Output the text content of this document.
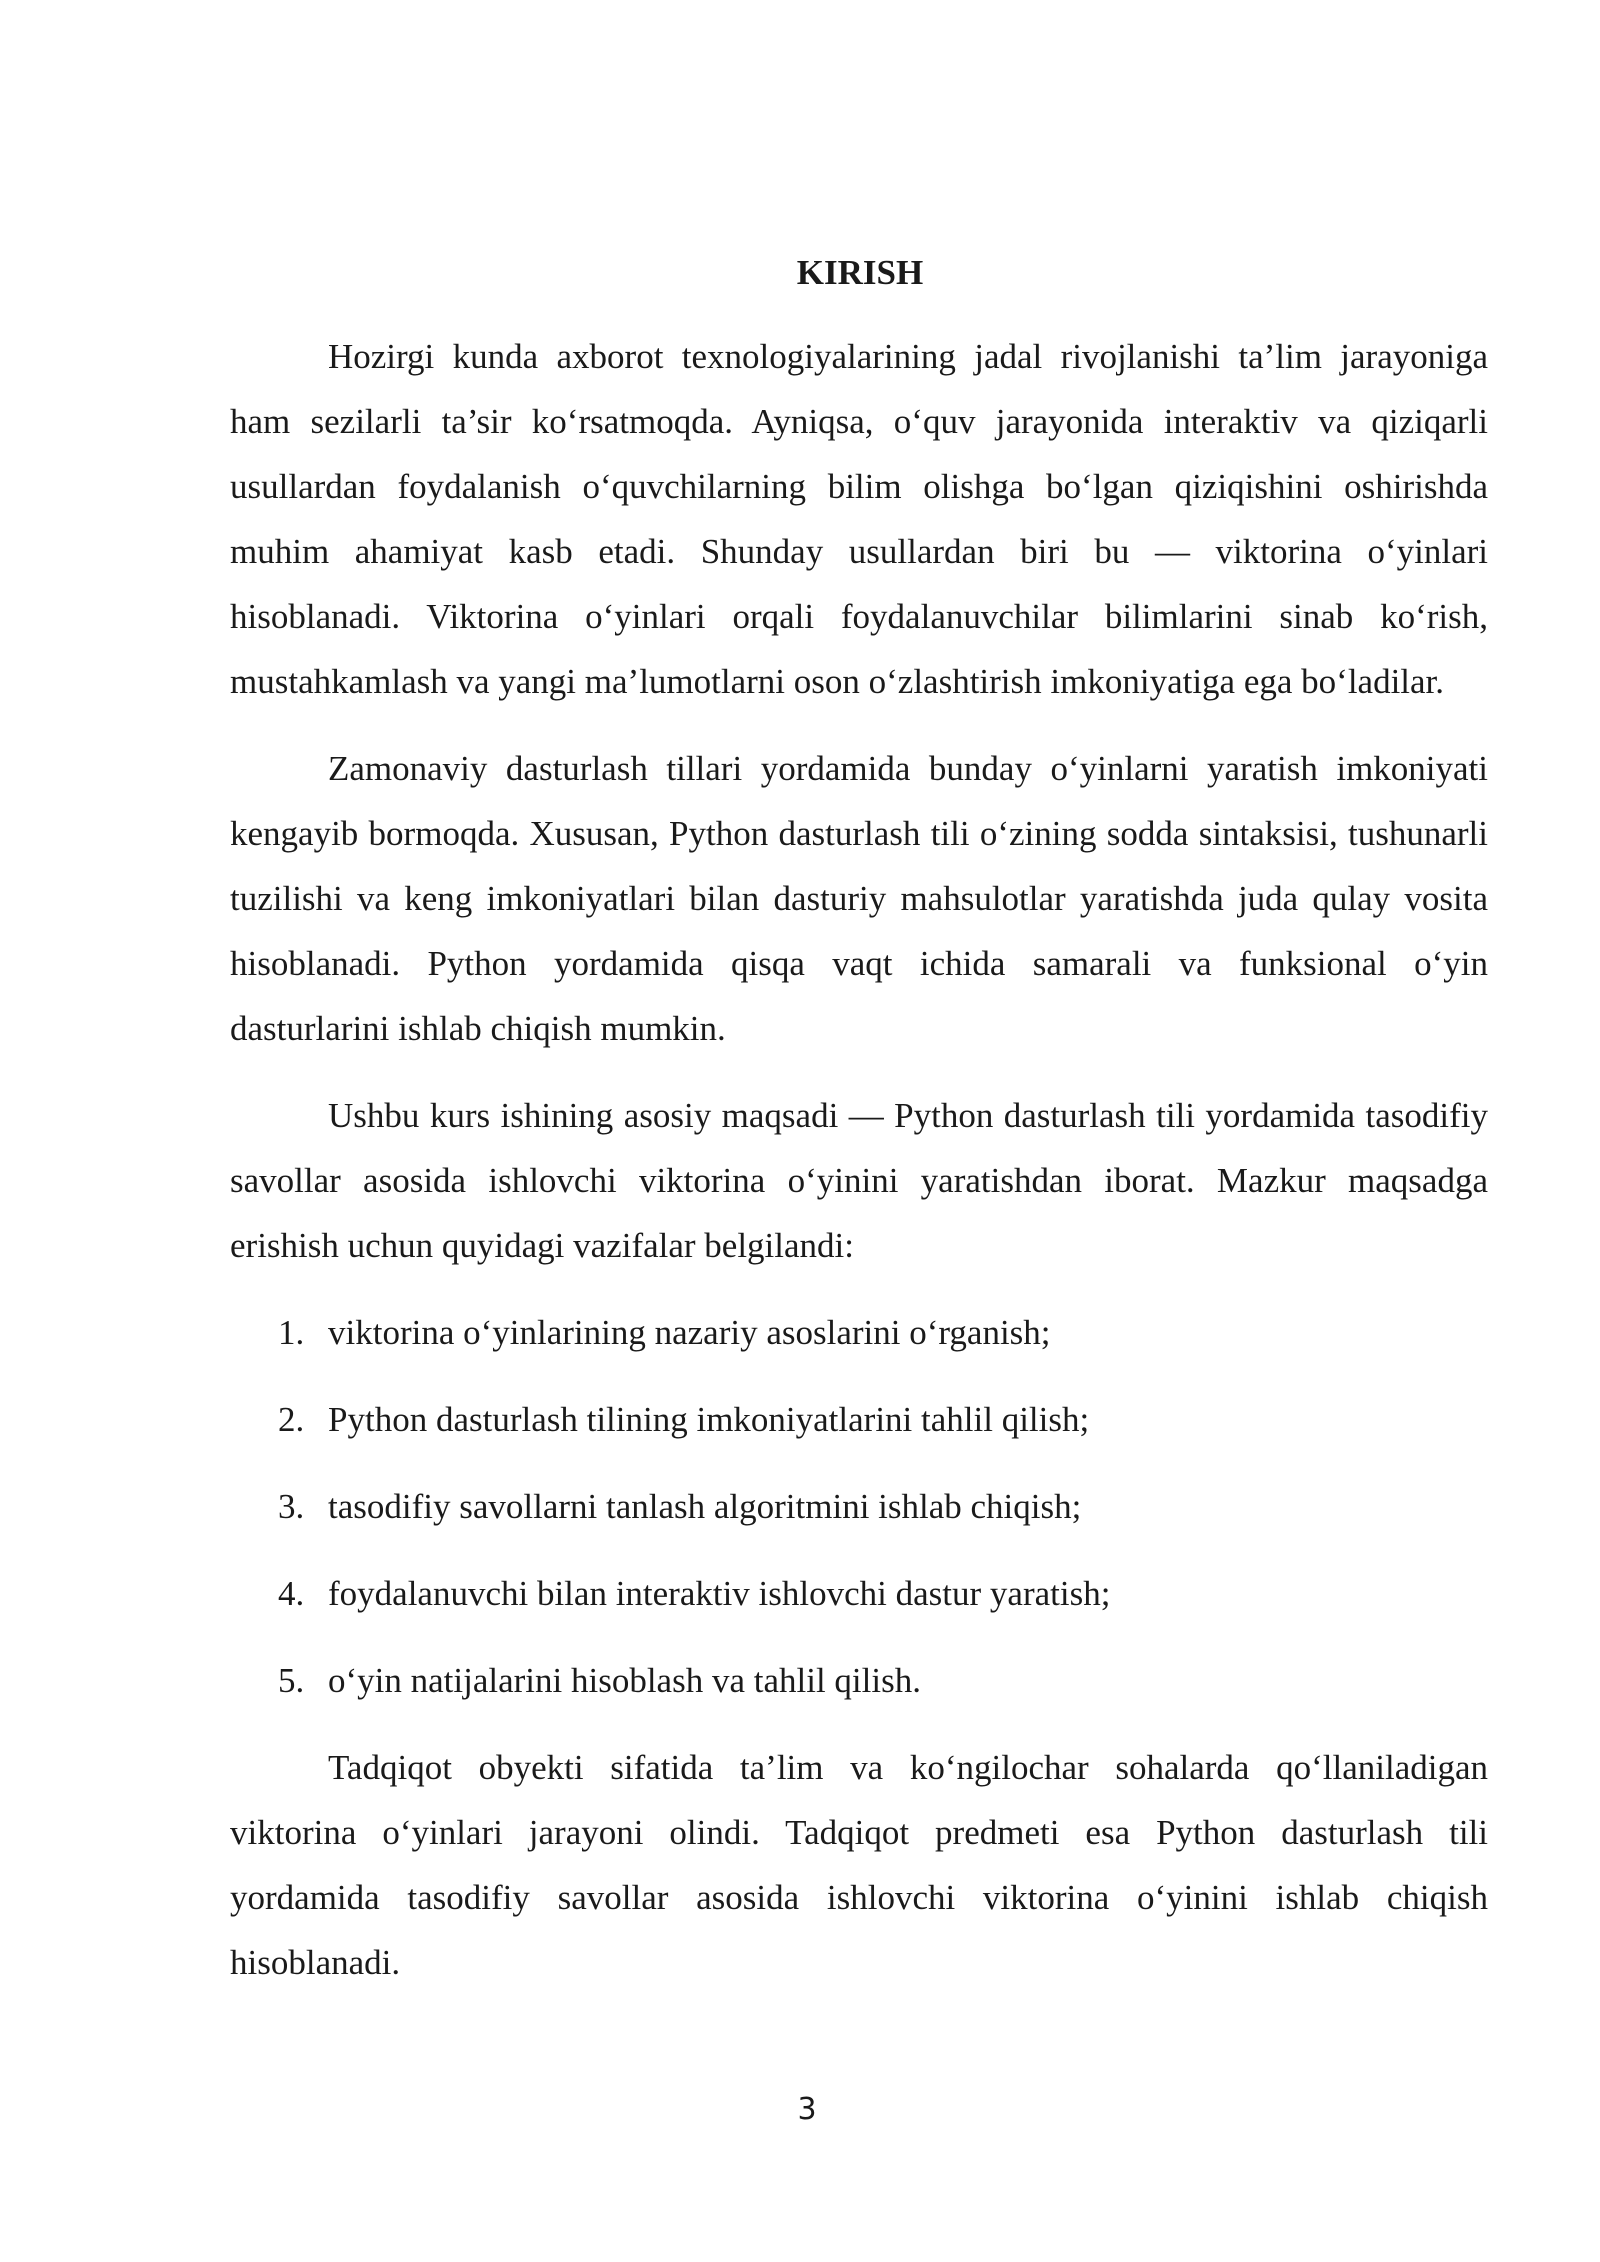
KIRISH

Hozirgi kunda axborot texnologiyalarining jadal rivojlanishi ta’lim jarayoniga ham sezilarli ta’sir ko‘rsatmoqda. Ayniqsa, o‘quv jarayonida interaktiv va qiziqarli usullardan foydalanish o‘quvchilarning bilim olishga bo‘lgan qiziqishini oshirishda muhim ahamiyat kasb etadi. Shunday usullardan biri bu — viktorina o‘yinlari hisoblanadi. Viktorina o‘yinlari orqali foydalanuvchilar bilimlarini sinab ko‘rish, mustahkamlash va yangi ma’lumotlarni oson o‘zlashtirish imkoniyatiga ega bo‘ladilar.

Zamonaviy dasturlash tillari yordamida bunday o‘yinlarni yaratish imkoniyati kengayib bormoqda. Xususan, Python dasturlash tili o‘zining sodda sintaksisi, tushunarli tuzilishi va keng imkoniyatlari bilan dasturiy mahsulotlar yaratishda juda qulay vosita hisoblanadi. Python yordamida qisqa vaqt ichida samarali va funksional o‘yin dasturlarini ishlab chiqish mumkin.

Ushbu kurs ishining asosiy maqsadi — Python dasturlash tili yordamida tasodifiy savollar asosida ishlovchi viktorina o‘yinini yaratishdan iborat. Mazkur maqsadga erishish uchun quyidagi vazifalar belgilandi:

1. viktorina o‘yinlarining nazariy asoslarini o‘rganish;
2. Python dasturlash tilining imkoniyatlarini tahlil qilish;
3. tasodifiy savollarni tanlash algoritmini ishlab chiqish;
4. foydalanuvchi bilan interaktiv ishlovchi dastur yaratish;
5. o‘yin natijalarini hisoblash va tahlil qilish.

Tadqiqot obyekti sifatida ta’lim va ko‘ngilochar sohalarda qo‘llaniladigan viktorina o‘yinlari jarayoni olindi. Tadqiqot predmeti esa Python dasturlash tili yordamida tasodifiy savollar asosida ishlovchi viktorina o‘yinini ishlab chiqish hisoblanadi.

3
